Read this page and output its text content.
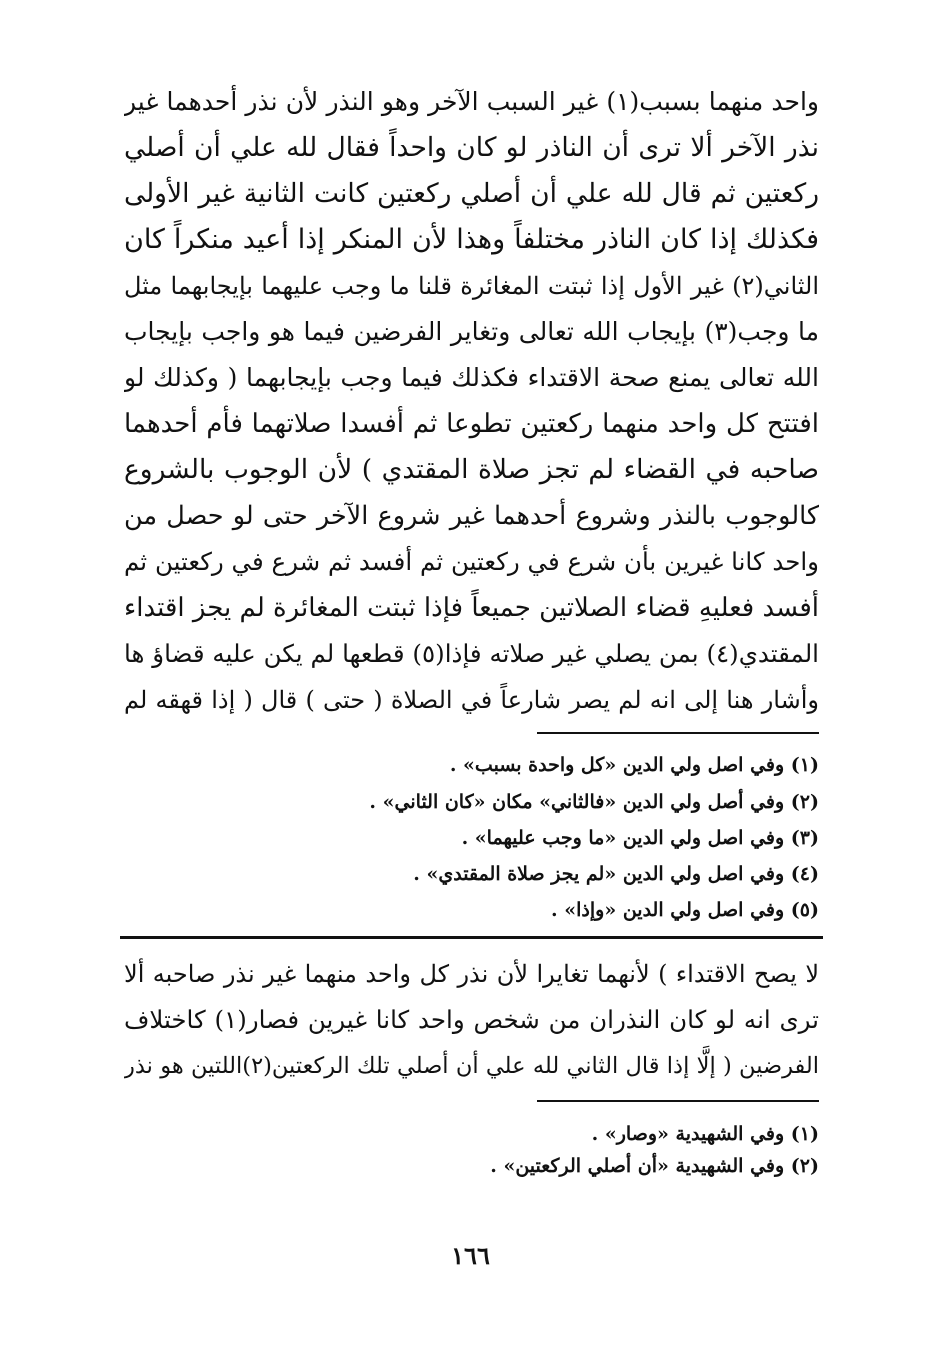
واحد منهما بسبب(١) غير السبب الآخر وهو النذر لأن نذر أحدهما غير
نذر الآخر ألا ترى أن الناذر لو كان واحداً فقال لله علي أن أصلي
ركعتين ثم قال لله علي أن أصلي ركعتين كانت الثانية غير الأولى
فكذلك إذا كان الناذر مختلفاً وهذا لأن المنكر إذا أعيد منكراً كان
الثاني(٢) غير الأول إذا ثبتت المغائرة قلنا ما وجب عليهما بإيجابهما مثل
ما وجب(٣) بإيجاب الله تعالى وتغاير الفرضين فيما هو واجب بإيجاب
الله تعالى يمنع صحة الاقتداء فكذلك فيما وجب بإيجابهما ( وكذلك لو
افتتح كل واحد منهما ركعتين تطوعا ثم أفسدا صلاتهما فأم أحدهما
صاحبه في القضاء لم تجز صلاة المقتدي ) لأن الوجوب بالشروع
كالوجوب بالنذر وشروع أحدهما غير شروع الآخر حتى لو حصل من
واحد كانا غيرين بأن شرع في ركعتين ثم أفسد ثم شرع في ركعتين ثم
أفسد فعليهِ قضاء الصلاتين جميعاً فإذا ثبتت المغائرة لم يجز اقتداء
المقتدي(٤) بمن يصلي غير صلاته فإذا(٥) قطعها لم يكن عليه قضاؤ ها
وأشار هنا إلى انه لم يصر شارعاً في الصلاة ( حتى ) قال ( إذا قهقه لم
(١) وفي اصل ولي الدين «كل واحدة بسبب» .
(٢) وفي أصل ولي الدين «فالثاني» مكان «كان الثاني» .
(٣) وفي اصل ولي الدين «ما وجب عليهما» .
(٤) وفي اصل ولي الدين «لم يجز صلاة المقتدي» .
(٥) وفي اصل ولي الدين «وإذا» .
لا يصح الاقتداء ) لأنهما تغايرا لأن نذر كل واحد منهما غير نذر صاحبه ألا
ترى انه لو كان النذران من شخص واحد كانا غيرين فصار(١) كاختلاف
الفرضين ( إلَّا إذا قال الثاني لله علي أن أصلي تلك الركعتين(٢)اللتين هو نذر
(١) وفي الشهيدية «وصار» .
(٢) وفي الشهيدية «أن أصلي الركعتين» .
١٦٦
